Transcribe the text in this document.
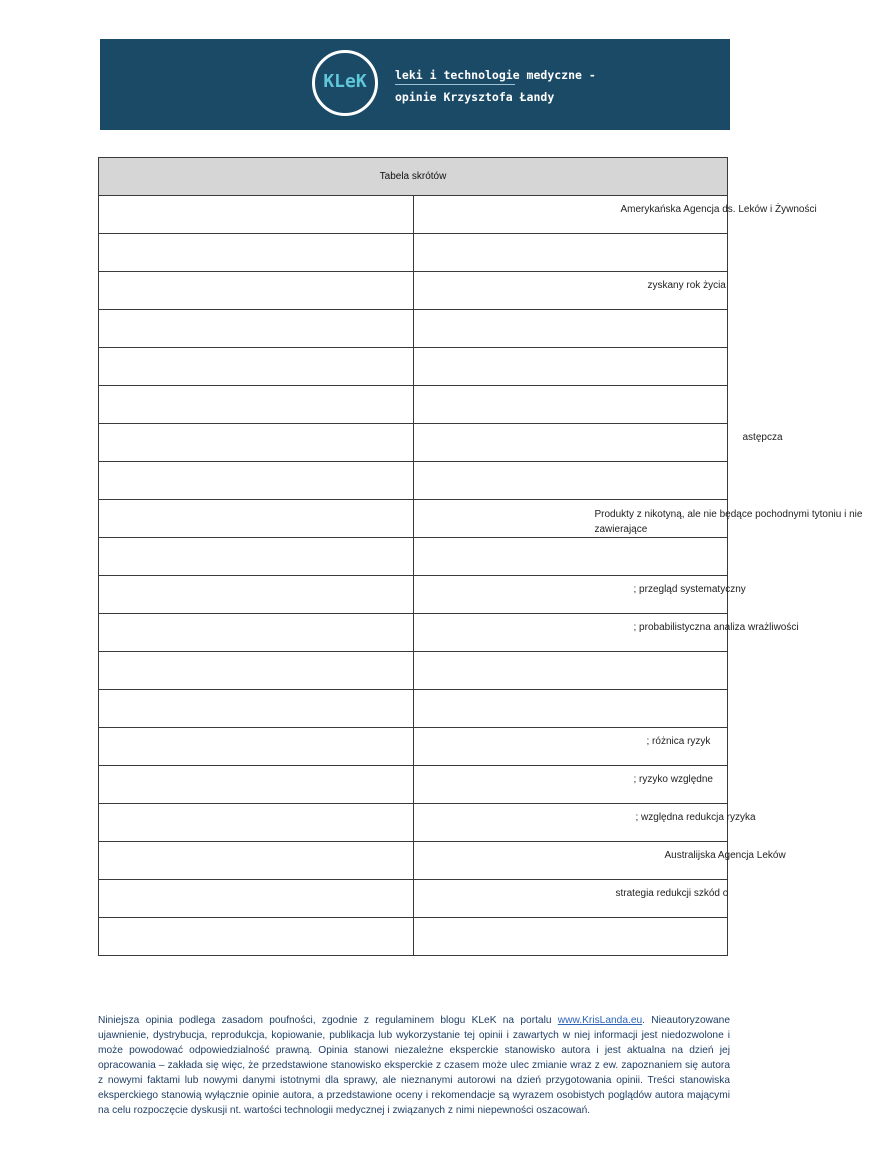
KLeK	leki i technologie medyczne -
opinie Krzysztofa Łandy
Tabela skrótów	

	Amerykańska Agencja ds. Leków i Żywności

	zyskany rok życia

	astępcza

	Produkty z nikotyną, ale nie będące pochodnymi tytoniu i nie zawierające

	; przegląd systematyczny

	; probabilistyczna analiza wrażliwości

	; różnica ryzyk

	; ryzyko względne

	; względna redukcja ryzyka

	Australijska Agencja Leków

	strategia redukcji szkód o

Niniejsza opinia podlega zasadom poufności, zgodnie z regulaminem blogu KLeK na portalu www.KrisLanda.eu. Nieautoryzowane ujawnienie, dystrybucja, reprodukcja, kopiowanie, publikacja lub wykorzystanie tej opinii i zawartych w niej informacji jest niedozwolone i może powodować odpowiedzialność prawną. Opinia stanowi niezależne eksperckie stanowisko autora i jest aktualna na dzień jej opracowania – zakłada się więc, że przedstawione stanowisko eksperckie z czasem może ulec zmianie wraz z ew. zapoznaniem się autora z nowymi faktami lub nowymi danymi istotnymi dla sprawy, ale nieznanymi autorowi na dzień przygotowania opinii. Treści stanowiska eksperckiego stanowią wyłącznie opinie autora, a przedstawione oceny i rekomendacje są wyrazem osobistych poglądów autora mającymi na celu rozpoczęcie dyskusji nt. wartości technologii medycznej i związanych z nimi niepewności oszacowań.
